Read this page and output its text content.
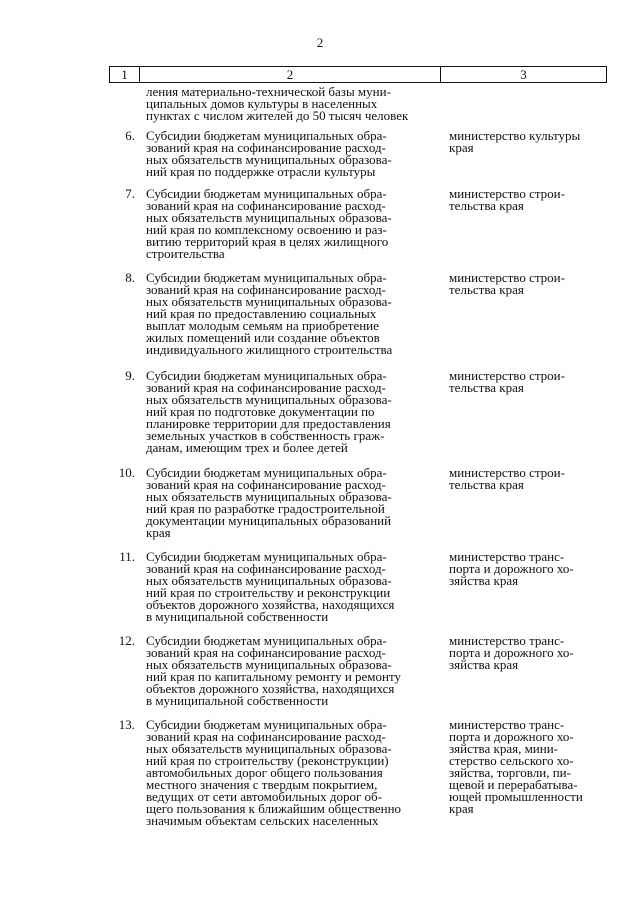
2
1	2	3
ления материально-технической базы муни-
ципальных домов культуры в населенных
пунктах с числом жителей до 50 тысяч человек
6. Субсидии бюджетам муниципальных обра-
зований края на софинансирование расход-
ных обязательств муниципальных образова-
ний края по поддержке отрасли культуры
министерство культуры
края
7. Субсидии бюджетам муниципальных обра-
зований края на софинансирование расход-
ных обязательств муниципальных образова-
ний края по комплексному освоению и раз-
витию территорий края в целях жилищного
строительства
министерство строи-
тельства края
8. Субсидии бюджетам муниципальных обра-
зований края на софинансирование расход-
ных обязательств муниципальных образова-
ний края по предоставлению социальных
выплат молодым семьям на приобретение
жилых помещений или создание объектов
индивидуального жилищного строительства
министерство строи-
тельства края
9. Субсидии бюджетам муниципальных обра-
зований края на софинансирование расход-
ных обязательств муниципальных образова-
ний края по подготовке документации по
планировке территории для предоставления
земельных участков в собственность граж-
данам, имеющим трех и более детей
министерство строи-
тельства края
10. Субсидии бюджетам муниципальных обра-
зований края на софинансирование расход-
ных обязательств муниципальных образова-
ний края по разработке градостроительной
документации муниципальных образований
края
министерство строи-
тельства края
11. Субсидии бюджетам муниципальных обра-
зований края на софинансирование расход-
ных обязательств муниципальных образова-
ний края по строительству и реконструкции
объектов дорожного хозяйства, находящихся
в муниципальной собственности
министерство транс-
порта и дорожного хо-
зяйства края
12. Субсидии бюджетам муниципальных обра-
зований края на софинансирование расход-
ных обязательств муниципальных образова-
ний края по капитальному ремонту и ремонту
объектов дорожного хозяйства, находящихся
в муниципальной собственности
министерство транс-
порта и дорожного хо-
зяйства края
13. Субсидии бюджетам муниципальных обра-
зований края на софинансирование расход-
ных обязательств муниципальных образова-
ний края по строительству (реконструкции)
автомобильных дорог общего пользования
местного значения с твердым покрытием,
ведущих от сети автомобильных дорог об-
щего пользования к ближайшим общественно
значимым объектам сельских населенных
министерство транс-
порта и дорожного хо-
зяйства края, мини-
стерство сельского хо-
зяйства, торговли, пи-
щевой и перерабатыва-
ющей промышленности
края
